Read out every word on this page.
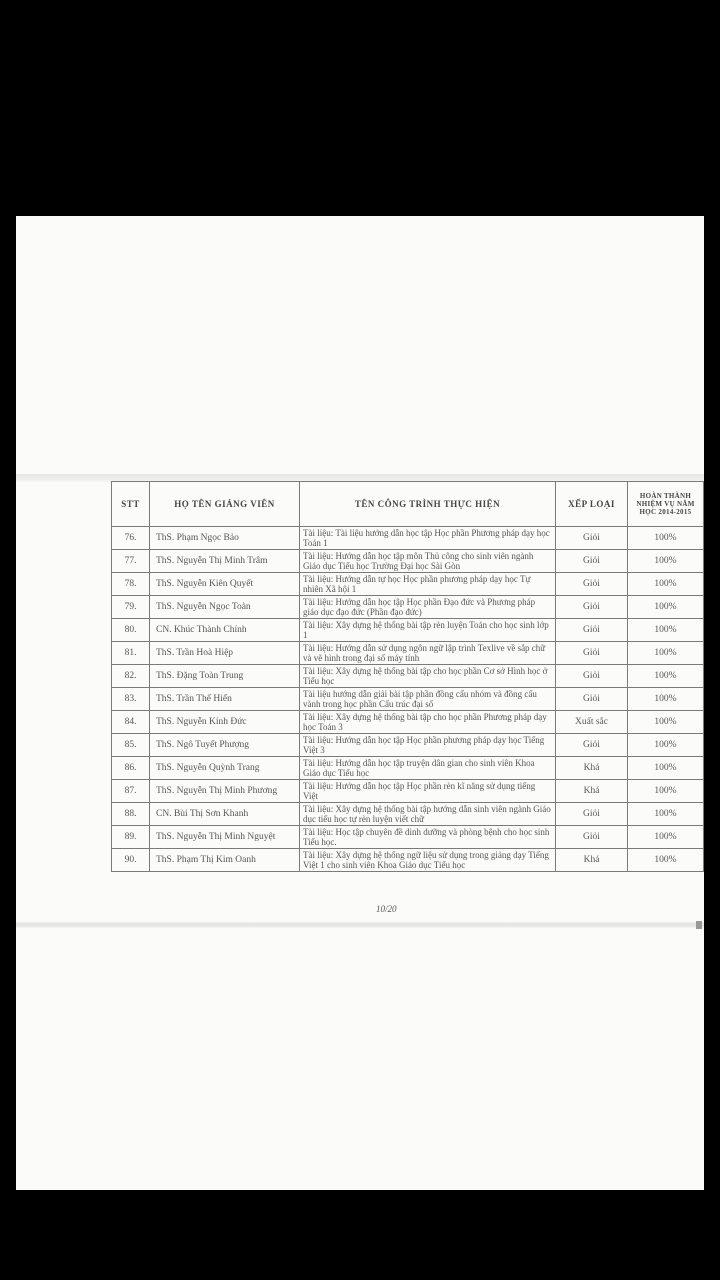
STT	HỌ TÊN GIẢNG VIÊN	TÊN CÔNG TRÌNH THỰC HIỆN	XẾP LOẠI	HOÀN THÀNH NHIỆM VỤ NĂM HỌC 2014-2015
76.	ThS. Phạm Ngọc Bảo	Tài liệu: Tài liệu hướng dẫn học tập Học phần Phương pháp dạy học Toán 1	Giỏi	100%
77.	ThS. Nguyễn Thị Minh Trâm	Tài liệu: Hướng dẫn học tập môn Thủ công cho sinh viên ngành Giáo dục Tiểu học Trường Đại học Sài Gòn	Giỏi	100%
78.	ThS. Nguyễn Kiên Quyết	Tài liệu: Hướng dẫn tự học Học phần phương pháp dạy học Tự nhiên Xã hội 1	Giỏi	100%
79.	ThS. Nguyễn Ngọc Toàn	Tài liệu: Hướng dẫn học tập Học phần Đạo đức và Phương pháp giáo dục đạo đức (Phần đạo đức)	Giỏi	100%
80.	CN. Khúc Thành Chính	Tài liệu: Xây dựng hệ thống bài tập rèn luyện Toán cho học sinh lớp 1	Giỏi	100%
81.	ThS. Trần Hoà Hiệp	Tài liệu: Hướng dẫn sử dụng ngôn ngữ lập trình Texlive về sắp chữ và vẽ hình trong đại số máy tính	Giỏi	100%
82.	ThS. Đặng Toàn Trung	Tài liệu: Xây dựng hệ thống bài tập cho học phần Cơ sở Hình học ở Tiểu học	Giỏi	100%
83.	ThS. Trần Thế Hiển	Tài liệu hướng dẫn giải bài tập phần đồng cấu nhóm và đồng cấu vành trong học phần Cấu trúc đại số	Giỏi	100%
84.	ThS. Nguyễn Kính Đức	Tài liệu: Xây dựng hệ thống bài tập cho học phần Phương pháp dạy học Toán 3	Xuất sắc	100%
85.	ThS. Ngô Tuyết Phượng	Tài liệu: Hướng dẫn học tập Học phần phương pháp dạy học Tiếng Việt 3	Giỏi	100%
86.	ThS. Nguyễn Quỳnh Trang	Tài liệu: Hướng dẫn học tập truyện dân gian cho sinh viên Khoa Giáo dục Tiểu học	Khá	100%
87.	ThS. Nguyễn Thị Minh Phương	Tài liệu: Hướng dẫn học tập Học phần rèn kĩ năng sử dụng tiếng Việt	Khá	100%
88.	CN. Bùi Thị Sơn Khanh	Tài liệu: Xây dựng hệ thống bài tập hướng dẫn sinh viên ngành Giáo dục tiểu học tự rèn luyện viết chữ	Giỏi	100%
89.	ThS. Nguyễn Thị Minh Nguyệt	Tài liệu: Học tập chuyên đề dinh dưỡng và phòng bệnh cho học sinh Tiểu học.	Giỏi	100%
90.	ThS. Phạm Thị Kim Oanh	Tài liệu: Xây dựng hệ thống ngữ liệu sử dụng trong giảng dạy Tiếng Việt 1 cho sinh viên Khoa Giáo dục Tiểu học	Khá	100%
10/20
